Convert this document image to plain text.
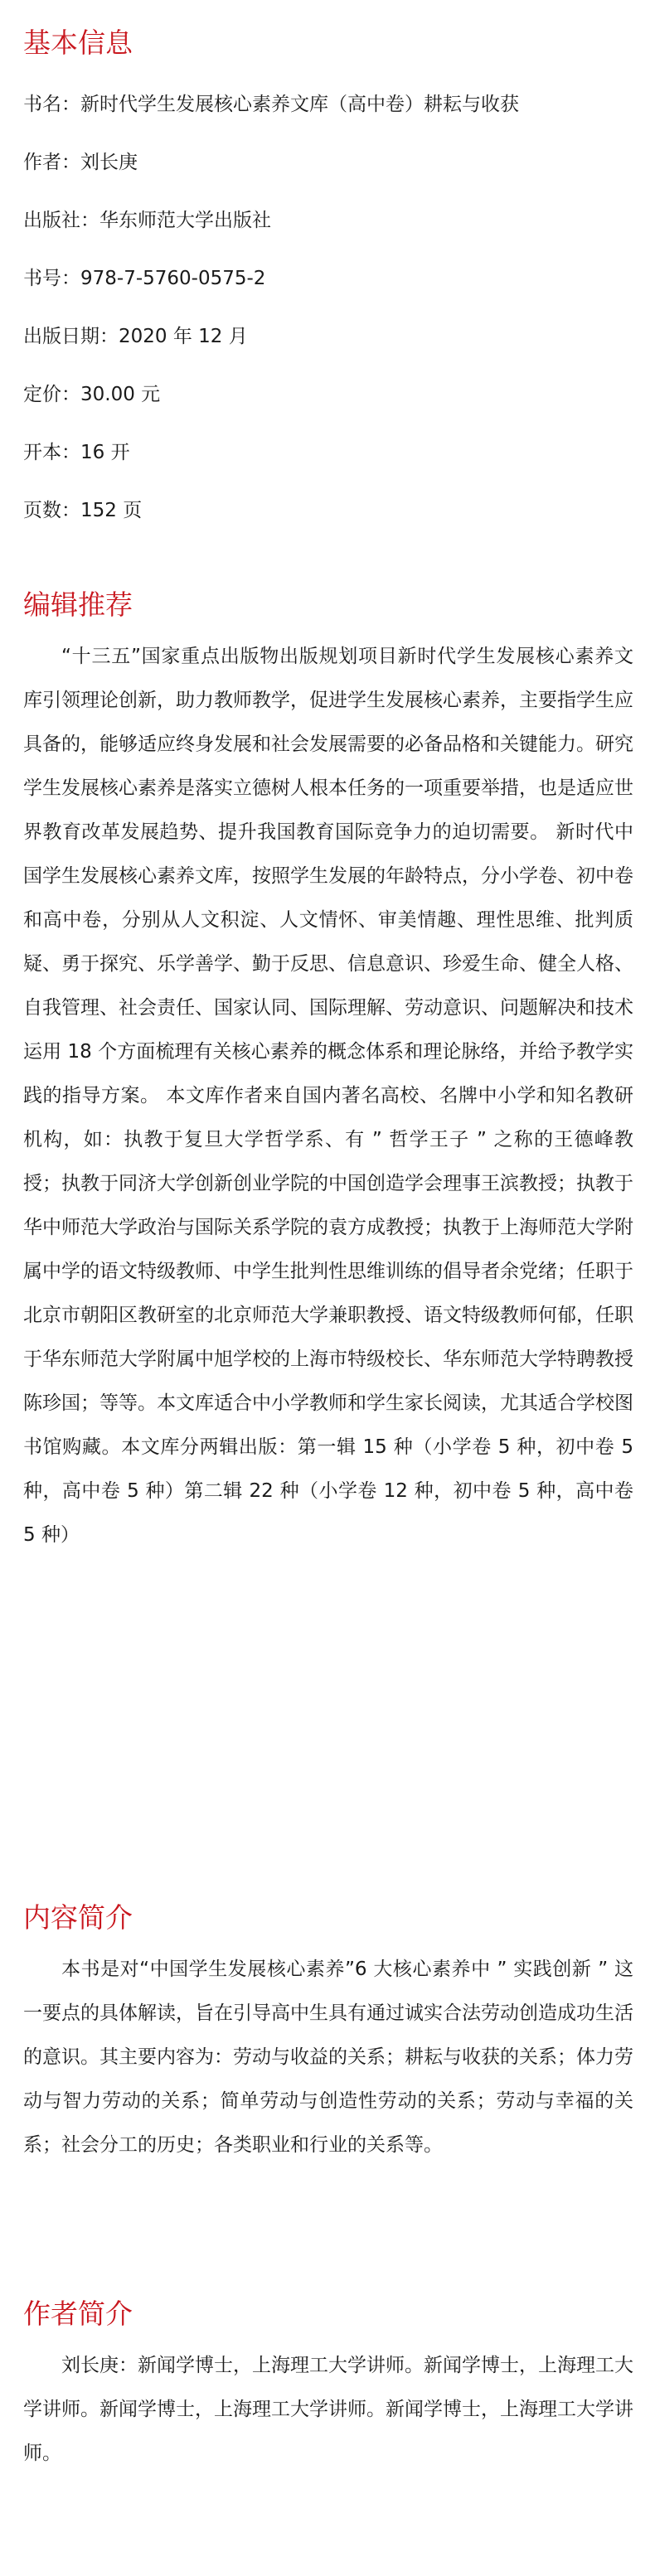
基本信息
书名：新时代学生发展核心素养文库（高中卷）耕耘与收获
作者：刘长庚
出版社：华东师范大学出版社
书号：978-7-5760-0575-2
出版日期：2020 年 12 月
定价：30.00 元
开本：16 开
页数：152 页
编辑推荐

“十三五”国家重点出版物出版规划项目新时代学生发展核心素养文库引领理论创新，助力教师教学，促进学生发展核心素养，主要指学生应具备的，能够适应终身发展和社会发展需要的必备品格和关键能力。研究学生发展核心素养是落实立德树人根本任务的一项重要举措，也是适应世界教育改革发展趋势、提升我国教育国际竞争力的迫切需要。 新时代中国学生发展核心素养文库，按照学生发展的年龄特点，分小学卷、初中卷和高中卷，分别从人文积淀、人文情怀、审美情趣、理性思维、批判质疑、勇于探究、乐学善学、勤于反思、信息意识、珍爱生命、健全人格、自我管理、社会责任、国家认同、国际理解、劳动意识、问题解决和技术运用 18 个方面梳理有关核心素养的概念体系和理论脉络，并给予教学实践的指导方案。 本文库作者来自国内著名高校、名牌中小学和知名教研机构，如：执教于复旦大学哲学系、有 ” 哲学王子 ” 之称的王德峰教授；执教于同济大学创新创业学院的中国创造学会理事王滨教授；执教于华中师范大学政治与国际关系学院的袁方成教授；执教于上海师范大学附属中学的语文特级教师、中学生批判性思维训练的倡导者余党绪；任职于北京市朝阳区教研室的北京师范大学兼职教授、语文特级教师何郁，任职于华东师范大学附属中旭学校的上海市特级校长、华东师范大学特聘教授陈珍国；等等。本文库适合中小学教师和学生家长阅读，尤其适合学校图书馆购藏。本文库分两辑出版：第一辑 15 种（小学卷 5 种，初中卷 5 种，高中卷 5 种）第二辑 22 种（小学卷 12 种，初中卷 5 种，高中卷 5 种）

内容简介

本书是对“中国学生发展核心素养”6 大核心素养中 ” 实践创新 ” 这一要点的具体解读，旨在引导高中生具有通过诚实合法劳动创造成功生活的意识。其主要内容为：劳动与收益的关系；耕耘与收获的关系；体力劳动与智力劳动的关系；简单劳动与创造性劳动的关系；劳动与幸福的关系；社会分工的历史；各类职业和行业的关系等。

作者简介

刘长庚：新闻学博士，上海理工大学讲师。新闻学博士，上海理工大学讲师。新闻学博士，上海理工大学讲师。新闻学博士，上海理工大学讲师。
